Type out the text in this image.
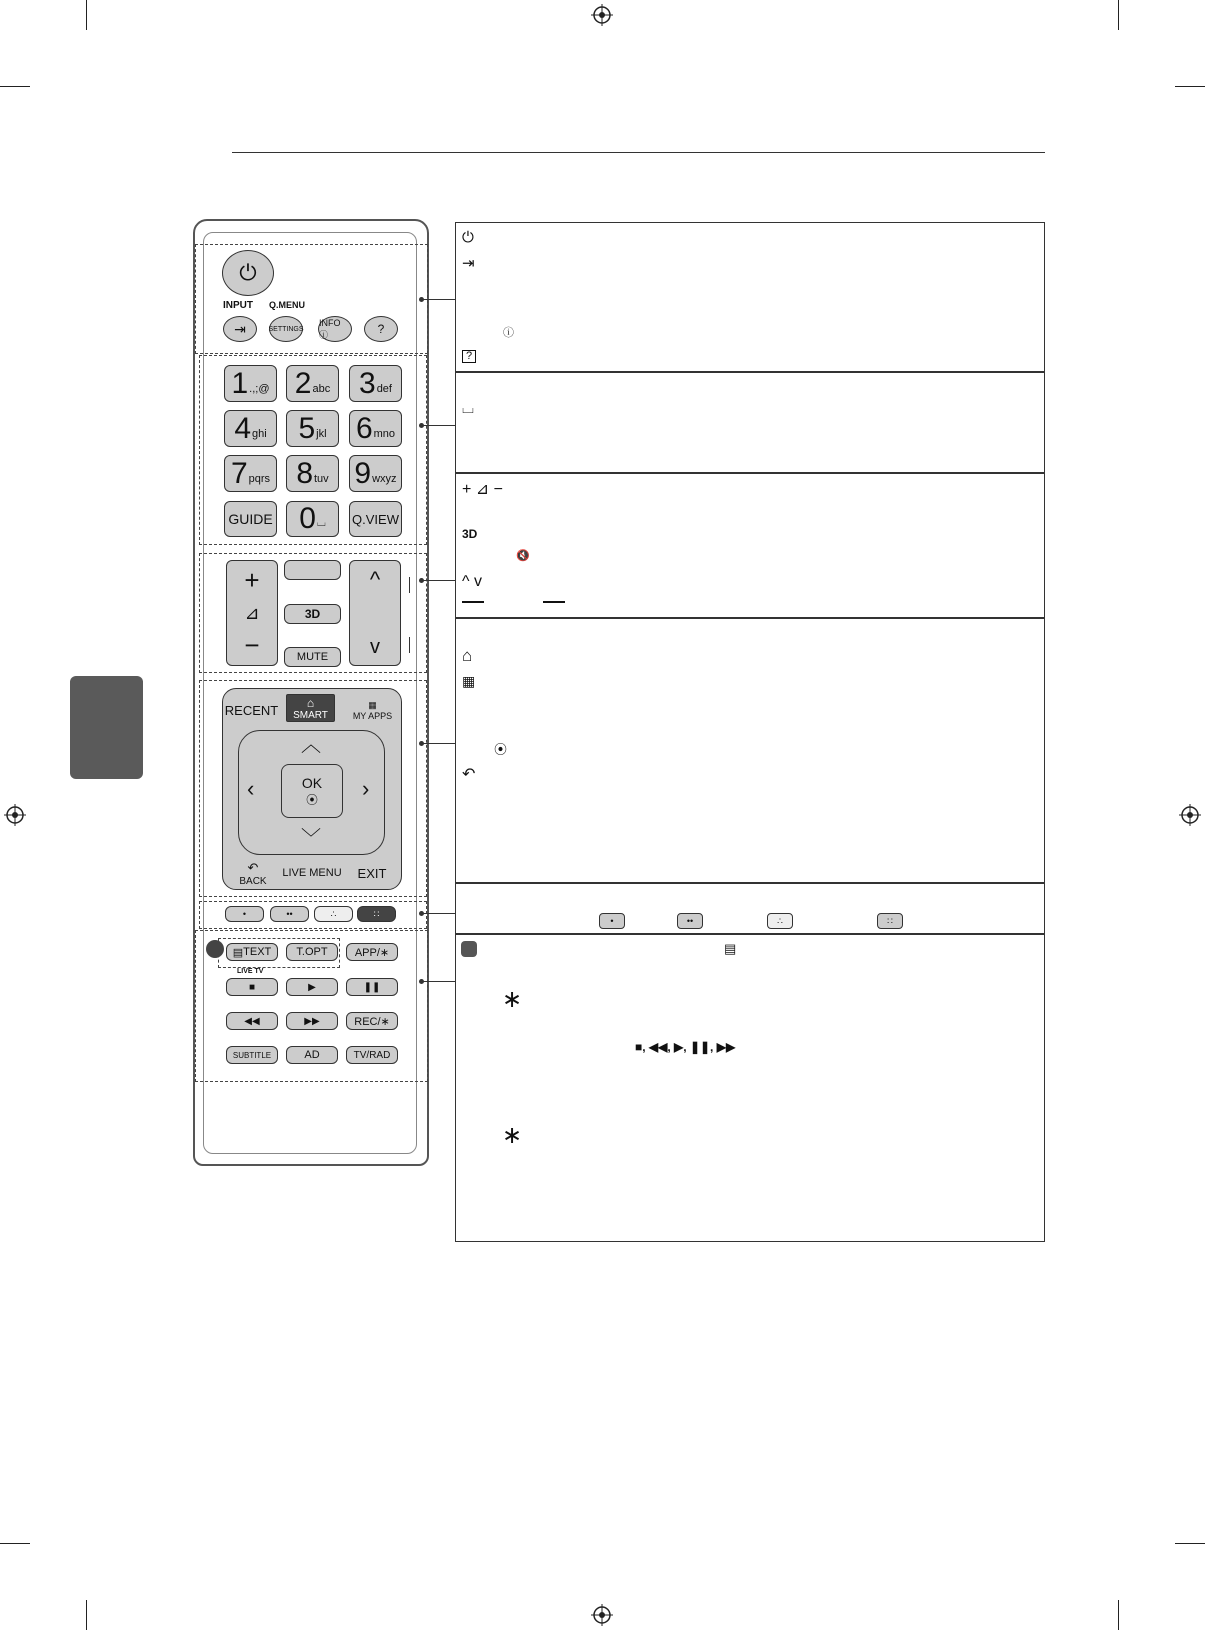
⏻
INPUT Q.MENU
⇥	SETTINGS
INFO ⓘ	?
1 .,;@ 2 abc 3 def
4 ghi 5 jkl 6 mno
7 pqrs 8 tuv 9 wxyz
GUIDE 0 ⌴ Q.VIEW
+
⊿
−
3D
MUTE
^
v
RECENT ⌂
SMART
▦
MY APPS
︿
﹀
‹	›
OK
⦿
↶
BACK
LIVE MENU	EXIT
•	••	∴	∷
▤ TEXT	T.OPT	APP/∗
LIVE TV
■	▶	❚❚
◀◀	▶▶	REC/∗
SUBTITLE	AD	TV/RAD
⏻
⇥
ⓘ
?
⌴
+ ⊿ −
3D
🔇
^ v
⌂
▦
⦿
↶
•	••	∴	∷
▤
∗
■, ◀◀, ▶, ❚❚, ▶▶
∗
